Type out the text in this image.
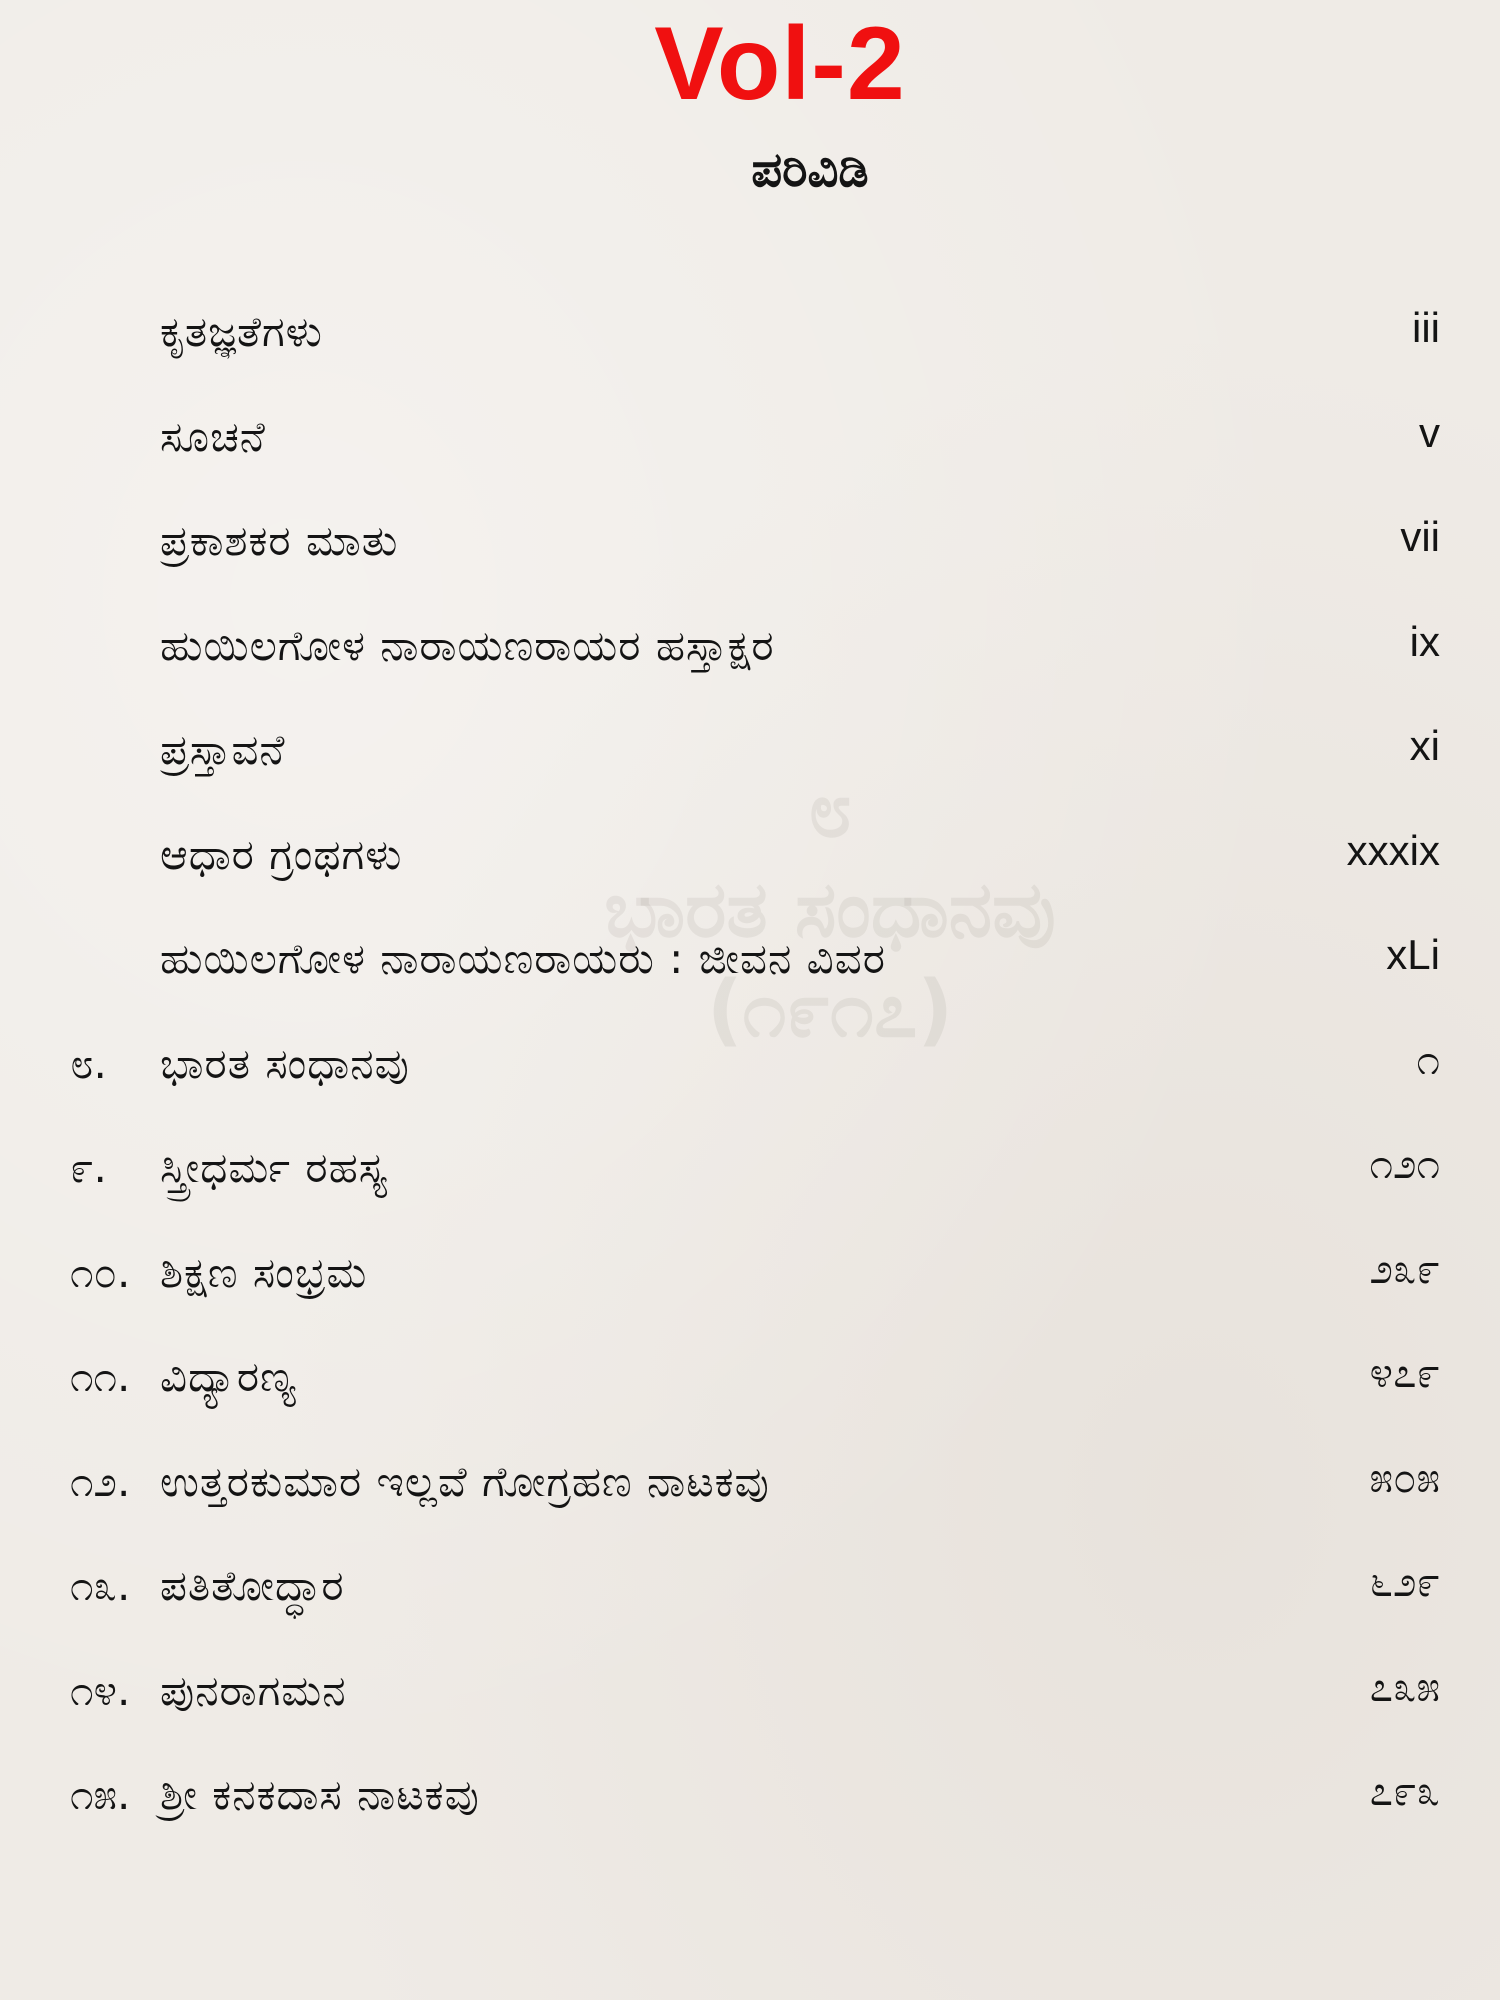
Vol-2
ಪರಿವಿಡಿ
೮
ಭಾರತ ಸಂಧಾನವು
(೧೯೧೭)
ಕೃತಜ್ಞತೆಗಳು	iii
ಸೂಚನೆ	v
ಪ್ರಕಾಶಕರ ಮಾತು	vii
ಹುಯಿಲಗೋಳ ನಾರಾಯಣರಾಯರ ಹಸ್ತಾಕ್ಷರ	ix
ಪ್ರಸ್ತಾವನೆ	xi
ಆಧಾರ ಗ್ರಂಥಗಳು	xxxix
ಹುಯಿಲಗೋಳ ನಾರಾಯಣರಾಯರು : ಜೀವನ ವಿವರ	xLi
೮.	ಭಾರತ ಸಂಧಾನವು	೧
೯.	ಸ್ತ್ರೀಧರ್ಮ ರಹಸ್ಯ	೧೨೧
೧೦. ಶಿಕ್ಷಣ ಸಂಭ್ರಮ	೨೩೯
೧೧. ವಿದ್ಯಾರಣ್ಯ	೪೭೯
೧೨. ಉತ್ತರಕುಮಾರ ಇಲ್ಲವೆ ಗೋಗ್ರಹಣ ನಾಟಕವು	೫೦೫
೧೩. ಪತಿತೋದ್ಧಾರ	೬೨೯
೧೪. ಪುನರಾಗಮನ	೭೩೫
೧೫. ಶ್ರೀ ಕನಕದಾಸ ನಾಟಕವು	೭೯೩
